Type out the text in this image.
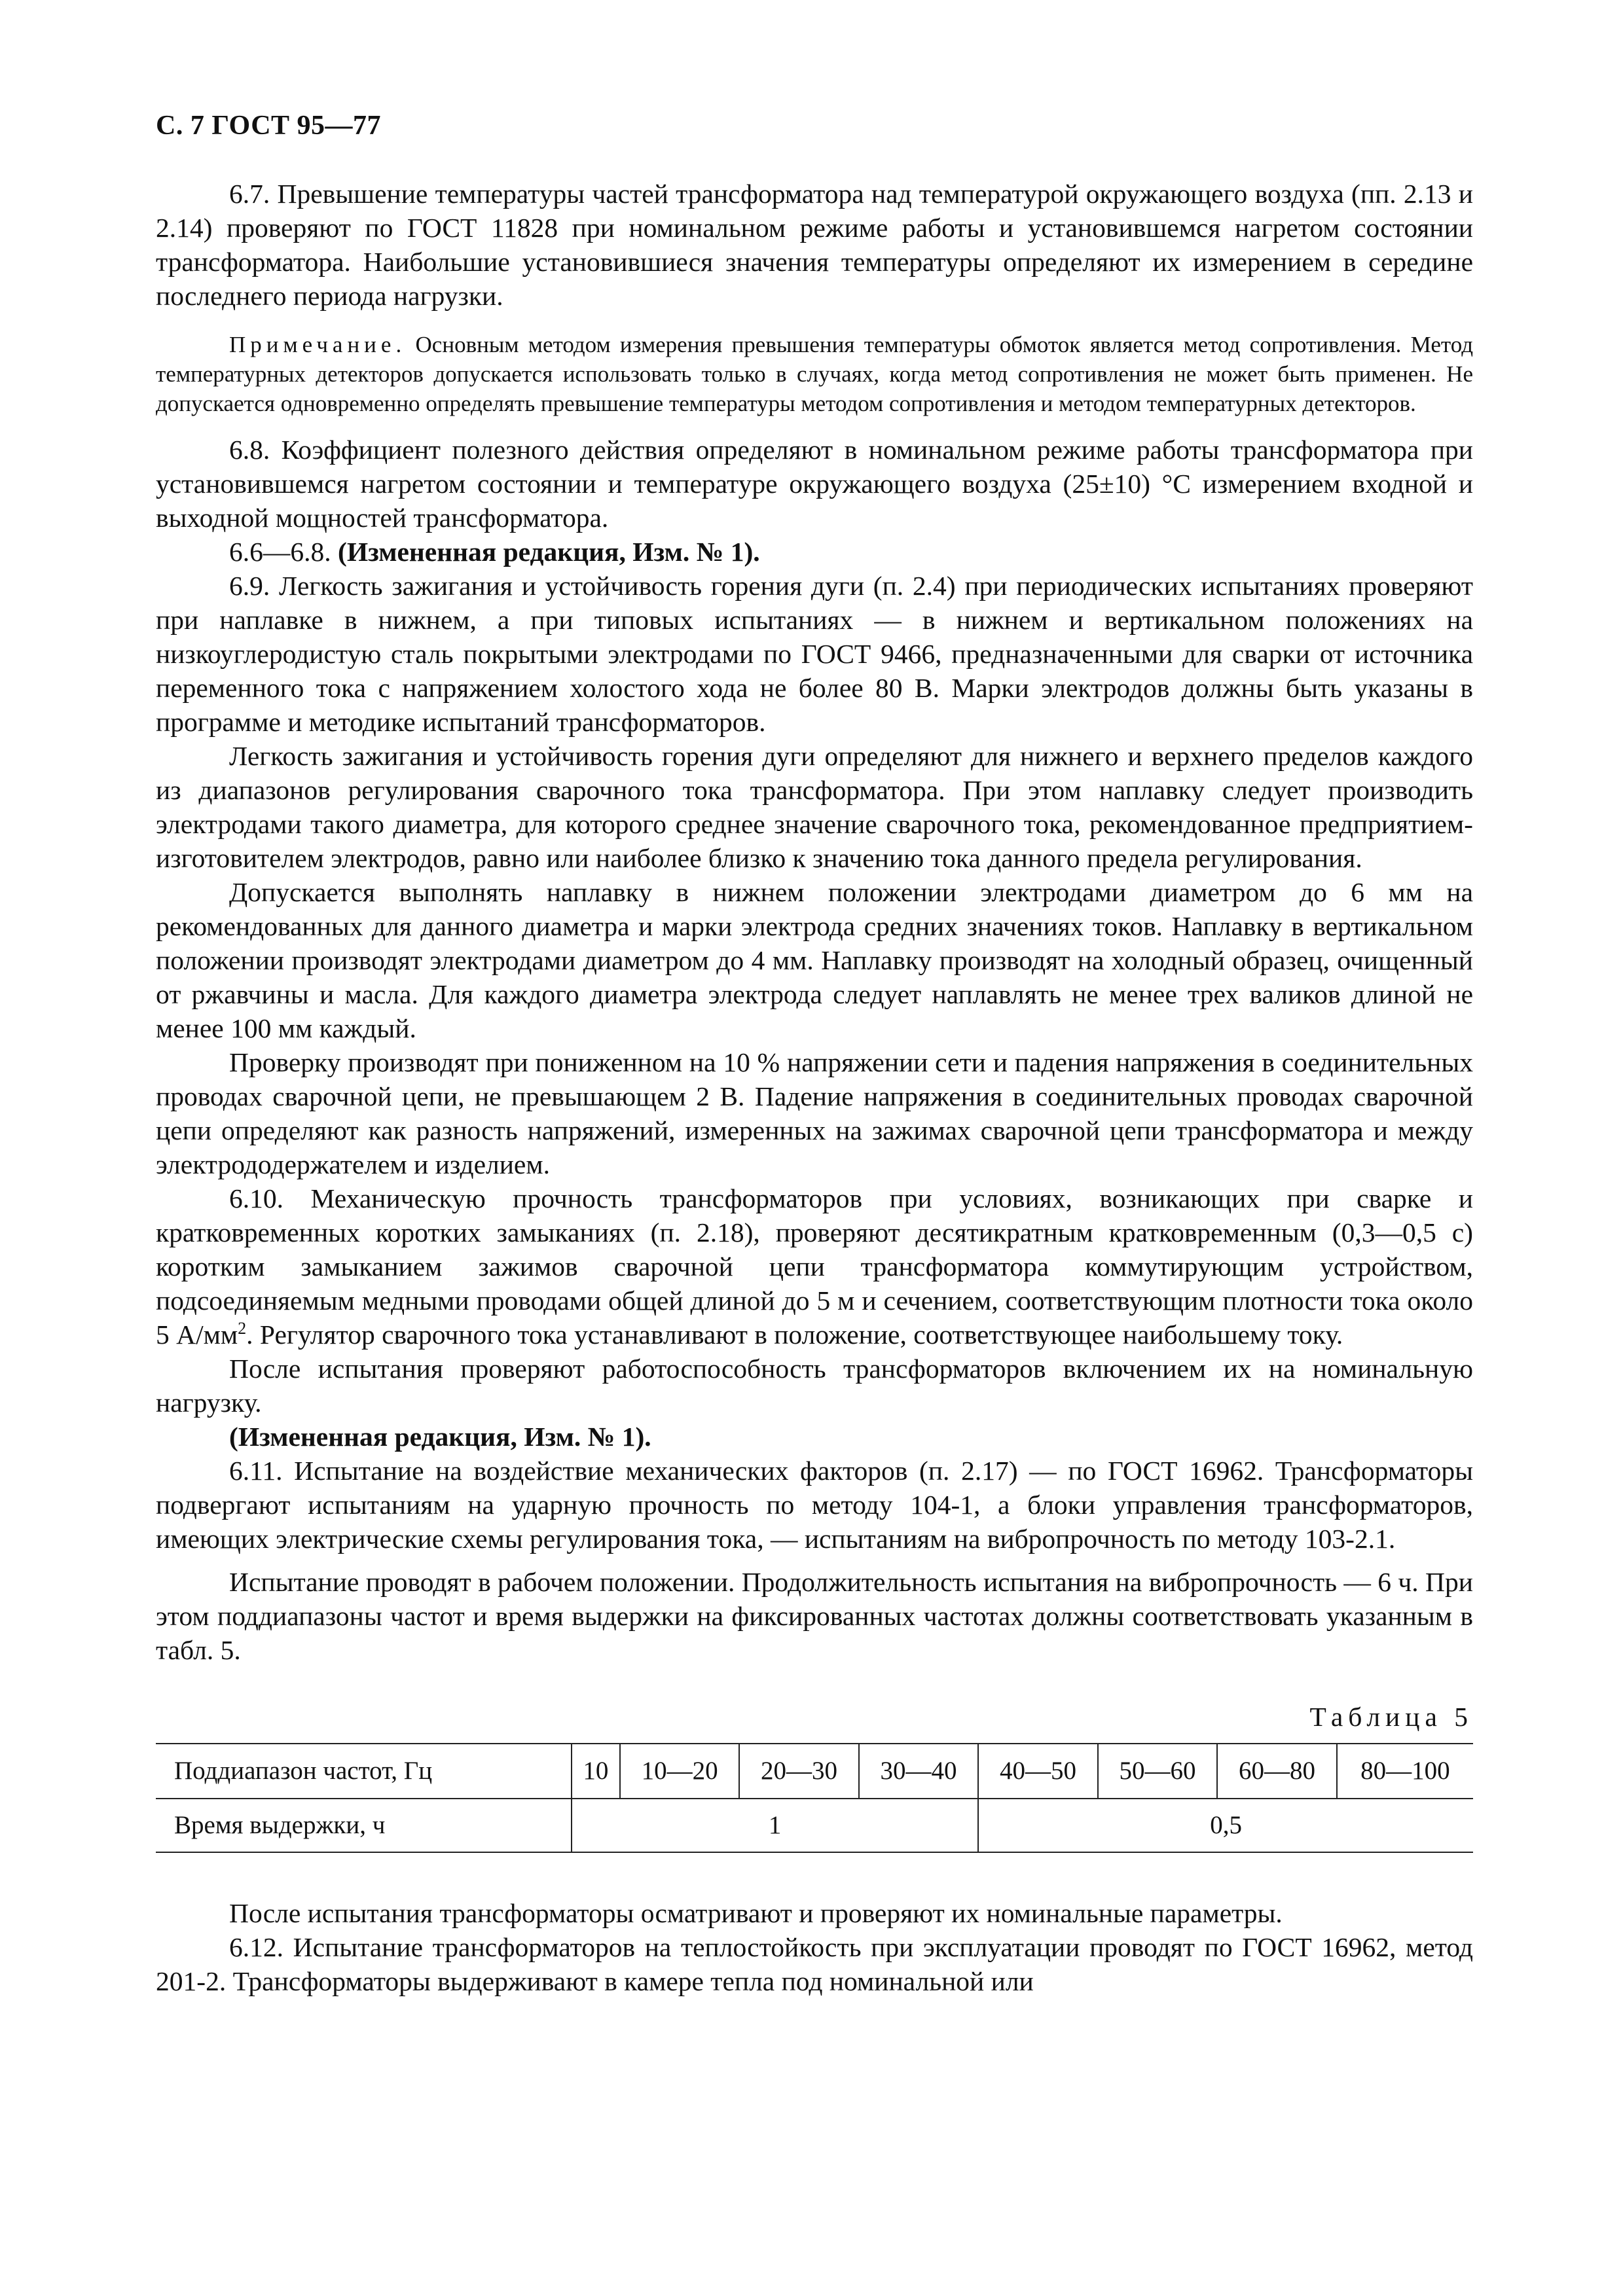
С. 7 ГОСТ 95—77

6.7. Превышение температуры частей трансформатора над температурой окружающего воздуха (пп. 2.13 и 2.14) проверяют по ГОСТ 11828 при номинальном режиме работы и установившемся нагретом состоянии трансформатора. Наибольшие установившиеся значения температуры определяют их измерением в середине последнего периода нагрузки.

Примечание. Основным методом измерения превышения температуры обмоток является метод сопротивления. Метод температурных детекторов допускается использовать только в случаях, когда метод сопротивления не может быть применен. Не допускается одновременно определять превышение температуры методом сопротивления и методом температурных детекторов.

6.8. Коэффициент полезного действия определяют в номинальном режиме работы трансформатора при установившемся нагретом состоянии и температуре окружающего воздуха (25±10) °С измерением входной и выходной мощностей трансформатора.

6.6—6.8. (Измененная редакция, Изм. № 1).

6.9. Легкость зажигания и устойчивость горения дуги (п. 2.4) при периодических испытаниях проверяют при наплавке в нижнем, а при типовых испытаниях — в нижнем и вертикальном положениях на низкоуглеродистую сталь покрытыми электродами по ГОСТ 9466, предназначенными для сварки от источника переменного тока с напряжением холостого хода не более 80 В. Марки электродов должны быть указаны в программе и методике испытаний трансформаторов.

Легкость зажигания и устойчивость горения дуги определяют для нижнего и верхнего пределов каждого из диапазонов регулирования сварочного тока трансформатора. При этом наплавку следует производить электродами такого диаметра, для которого среднее значение сварочного тока, рекомендованное предприятием-изготовителем электродов, равно или наиболее близко к значению тока данного предела регулирования.

Допускается выполнять наплавку в нижнем положении электродами диаметром до 6 мм на рекомендованных для данного диаметра и марки электрода средних значениях токов. Наплавку в вертикальном положении производят электродами диаметром до 4 мм. Наплавку производят на холодный образец, очищенный от ржавчины и масла. Для каждого диаметра электрода следует наплавлять не менее трех валиков длиной не менее 100 мм каждый.

Проверку производят при пониженном на 10 % напряжении сети и падения напряжения в соединительных проводах сварочной цепи, не превышающем 2 В. Падение напряжения в соединительных проводах сварочной цепи определяют как разность напряжений, измеренных на зажимах сварочной цепи трансформатора и между электрододержателем и изделием.

6.10. Механическую прочность трансформаторов при условиях, возникающих при сварке и кратковременных коротких замыканиях (п. 2.18), проверяют десятикратным кратковременным (0,3—0,5 с) коротким замыканием зажимов сварочной цепи трансформатора коммутирующим устройством, подсоединяемым медными проводами общей длиной до 5 м и сечением, соответствующим плотности тока около 5 $А/мм^2$. Регулятор сварочного тока устанавливают в положение, соответствующее наибольшему току.

После испытания проверяют работоспособность трансформаторов включением их на номинальную нагрузку.

(Измененная редакция, Изм. № 1).

6.11. Испытание на воздействие механических факторов (п. 2.17) — по ГОСТ 16962. Трансформаторы подвергают испытаниям на ударную прочность по методу 104-1, а блоки управления трансформаторов, имеющих электрические схемы регулирования тока, — испытаниям на вибропрочность по методу 103-2.1.

Испытание проводят в рабочем положении. Продолжительность испытания на вибропрочность — 6 ч. При этом поддиапазоны частот и время выдержки на фиксированных частотах должны соответствовать указанным в табл. 5.

Таблица 5
Поддиапазон частот, Гц	10	10—20	20—30	30—40	40—50	50—60	60—80	80—100
Время выдержки, ч	1				0,5			

После испытания трансформаторы осматривают и проверяют их номинальные параметры.

6.12. Испытание трансформаторов на теплостойкость при эксплуатации проводят по ГОСТ 16962, метод 201-2. Трансформаторы выдерживают в камере тепла под номинальной или
